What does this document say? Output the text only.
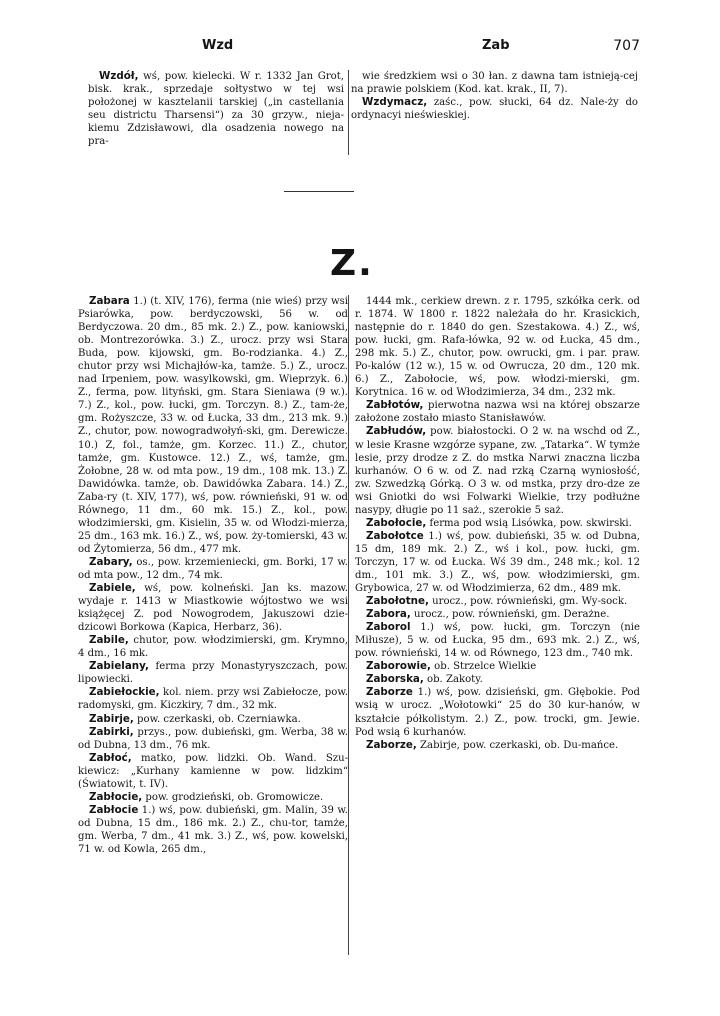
Wzd	Zab	707

Wzdół, wś, pow. kielecki. W r. 1332 Jan Grot, bisk. krak., sprzedaje sołtystwo w tej wsi położonej w kasztelanii tarskiej („in castellania seu districtu Tharsensi“) za 30 grzyw., nieja-kiemu Zdzisławowi, dla osadzenia nowego na pra-

wie średzkiem wsi o 30 łan. z dawna tam istnieją-cej na prawie polskiem (Kod. kat. krak., II, 7).

Wzdymacz, zaśc., pow. słucki, 64 dz. Nale-ży do ordynacyi nieświeskiej.

Z.

Zabara 1.) (t. XIV, 176), ferma (nie wieś) przy wsi Psiarówka, pow. berdyczowski, 56 w. od Berdyczowa. 20 dm., 85 mk. 2.) Z., pow. kaniowski, ob. Montrezorówka. 3.) Z., urocz. przy wsi Stara Buda, pow. kijowski, gm. Bo-rodzianka. 4.) Z., chutor przy wsi Michajłów-ka, tamże. 5.) Z., urocz. nad Irpeniem, pow. wasylkowski, gm. Wieprzyk. 6.) Z., ferma, pow. lityński, gm. Stara Sieniawa (9 w.). 7.) Z., kol., pow. łucki, gm. Torczyn. 8.) Z., tam-że, gm. Rożyszcze, 33 w. od Łucka, 33 dm., 213 mk. 9.) Z., chutor, pow. nowogradwołyń-ski, gm. Derewicze. 10.) Z, fol., tamże, gm. Korzec. 11.) Z., chutor, tamże, gm. Kustowce. 12.) Z., wś, tamże, gm. Żołobne, 28 w. od mta pow., 19 dm., 108 mk. 13.) Z. Dawidówka. tamże, ob. Dawidówka Zabara. 14.) Z., Zaba-ry (t. XIV, 177), wś, pow. równieński, 91 w. od Równego, 11 dm., 60 mk. 15.) Z., kol., pow. włodzimierski, gm. Kisielin, 35 w. od Włodzi-mierza, 25 dm., 163 mk. 16.) Z., wś, pow. ży-tomierski, 43 w. od Żytomierza, 56 dm., 477 mk.

Zabary, os., pow. krzemieniecki, gm. Borki, 17 w. od mta pow., 12 dm., 74 mk.

Zabiele, wś, pow. kolneński. Jan ks. mazow. wydaje r. 1413 w Miastkowie wójtostwo we wsi książęcej Z. pod Nowogrodem, Jakuszowi dzie-dzicowi Borkowa (Kapica, Herbarz, 36).

Zabile, chutor, pow. włodzimierski, gm. Krymno, 4 dm., 16 mk.

Zabielany, ferma przy Monastyryszczach, pow. lipowiecki.

Zabiełockie, kol. niem. przy wsi Zabiełocze, pow. radomyski, gm. Kiczkiry, 7 dm., 32 mk.

Zabirje, pow. czerkaski, ob. Czerniawka.

Zabirki, przys., pow. dubieński, gm. Werba, 38 w. od Dubna, 13 dm., 76 mk.

Zabłoć, matko, pow. lidzki. Ob. Wand. Szu-kiewicz: „Kurhany kamienne w pow. lidzkim“ (Światowit, t. IV).

Zabłocie, pow. grodzieński, ob. Gromowicze.

Zabłocie 1.) wś, pow. dubieński, gm. Malin, 39 w. od Dubna, 15 dm., 186 mk. 2.) Z., chu-tor, tamże, gm. Werba, 7 dm., 41 mk. 3.) Z., wś, pow. kowelski, 71 w. od Kowla, 265 dm.,

1444 mk., cerkiew drewn. z r. 1795, szkółka cerk. od r. 1874. W 1800 r. 1822 należała do hr. Krasickich, następnie do r. 1840 do gen. Szestakowa. 4.) Z., wś, pow. łucki, gm. Rafa-łówka, 92 w. od Łucka, 45 dm., 298 mk. 5.) Z., chutor, pow. owrucki, gm. i par. praw. Po-kalów (12 w.), 15 w. od Owrucza, 20 dm., 120 mk. 6.) Z., Zabołocie, wś, pow. włodzi-mierski, gm. Korytnica. 16 w. od Włodzimierza, 34 dm., 232 mk.

Zabłotów, pierwotna nazwa wsi na której obszarze założone zostało miasto Stanisławów.

Zabłudów, pow. białostocki. O 2 w. na wschd od Z., w lesie Krasne wzgórze sypane, zw. „Tatarka“. W tymże lesie, przy drodze z Z. do mstka Narwi znaczna liczba kurhanów. O 6 w. od Z. nad rzką Czarną wyniosłość, zw. Szwedzką Górką. O 3 w. od mstka, przy dro-dze ze wsi Gniotki do wsi Folwarki Wielkie, trzy podłużne nasypy, długie po 11 saż., szerokie 5 saż.

Zabołocie, ferma pod wsią Lisówka, pow. skwirski.

Zabołotce 1.) wś, pow. dubieński, 35 w. od Dubna, 15 dm, 189 mk. 2.) Z., wś i kol., pow. łucki, gm. Torczyn, 17 w. od Łucka. Wś 39 dm., 248 mk.; kol. 12 dm., 101 mk. 3.) Z., wś, pow. włodzimierski, gm. Grybowica, 27 w. od Włodzimierza, 62 dm., 489 mk.

Zabołotne, urocz., pow. równieński, gm. Wy-sock.

Zabora, urocz., pow. równieński, gm. Derażne.

Zaborol 1.) wś, pow. łucki, gm. Torczyn (nie Miłusze), 5 w. od Łucka, 95 dm., 693 mk. 2.) Z., wś, pow. równieński, 14 w. od Równego, 123 dm., 740 mk.

Zaborowie, ob. Strzelce Wielkie

Zaborska, ob. Zakoty.

Zaborze 1.) wś, pow. dzisieński, gm. Głębokie. Pod wsią w urocz. „Wołotowki“ 25 do 30 kur-hanów, w kształcie półkolistym. 2.) Z., pow. trocki, gm. Jewie. Pod wsią 6 kurhanów.

Zaborze, Zabirje, pow. czerkaski, ob. Du-mańce.
